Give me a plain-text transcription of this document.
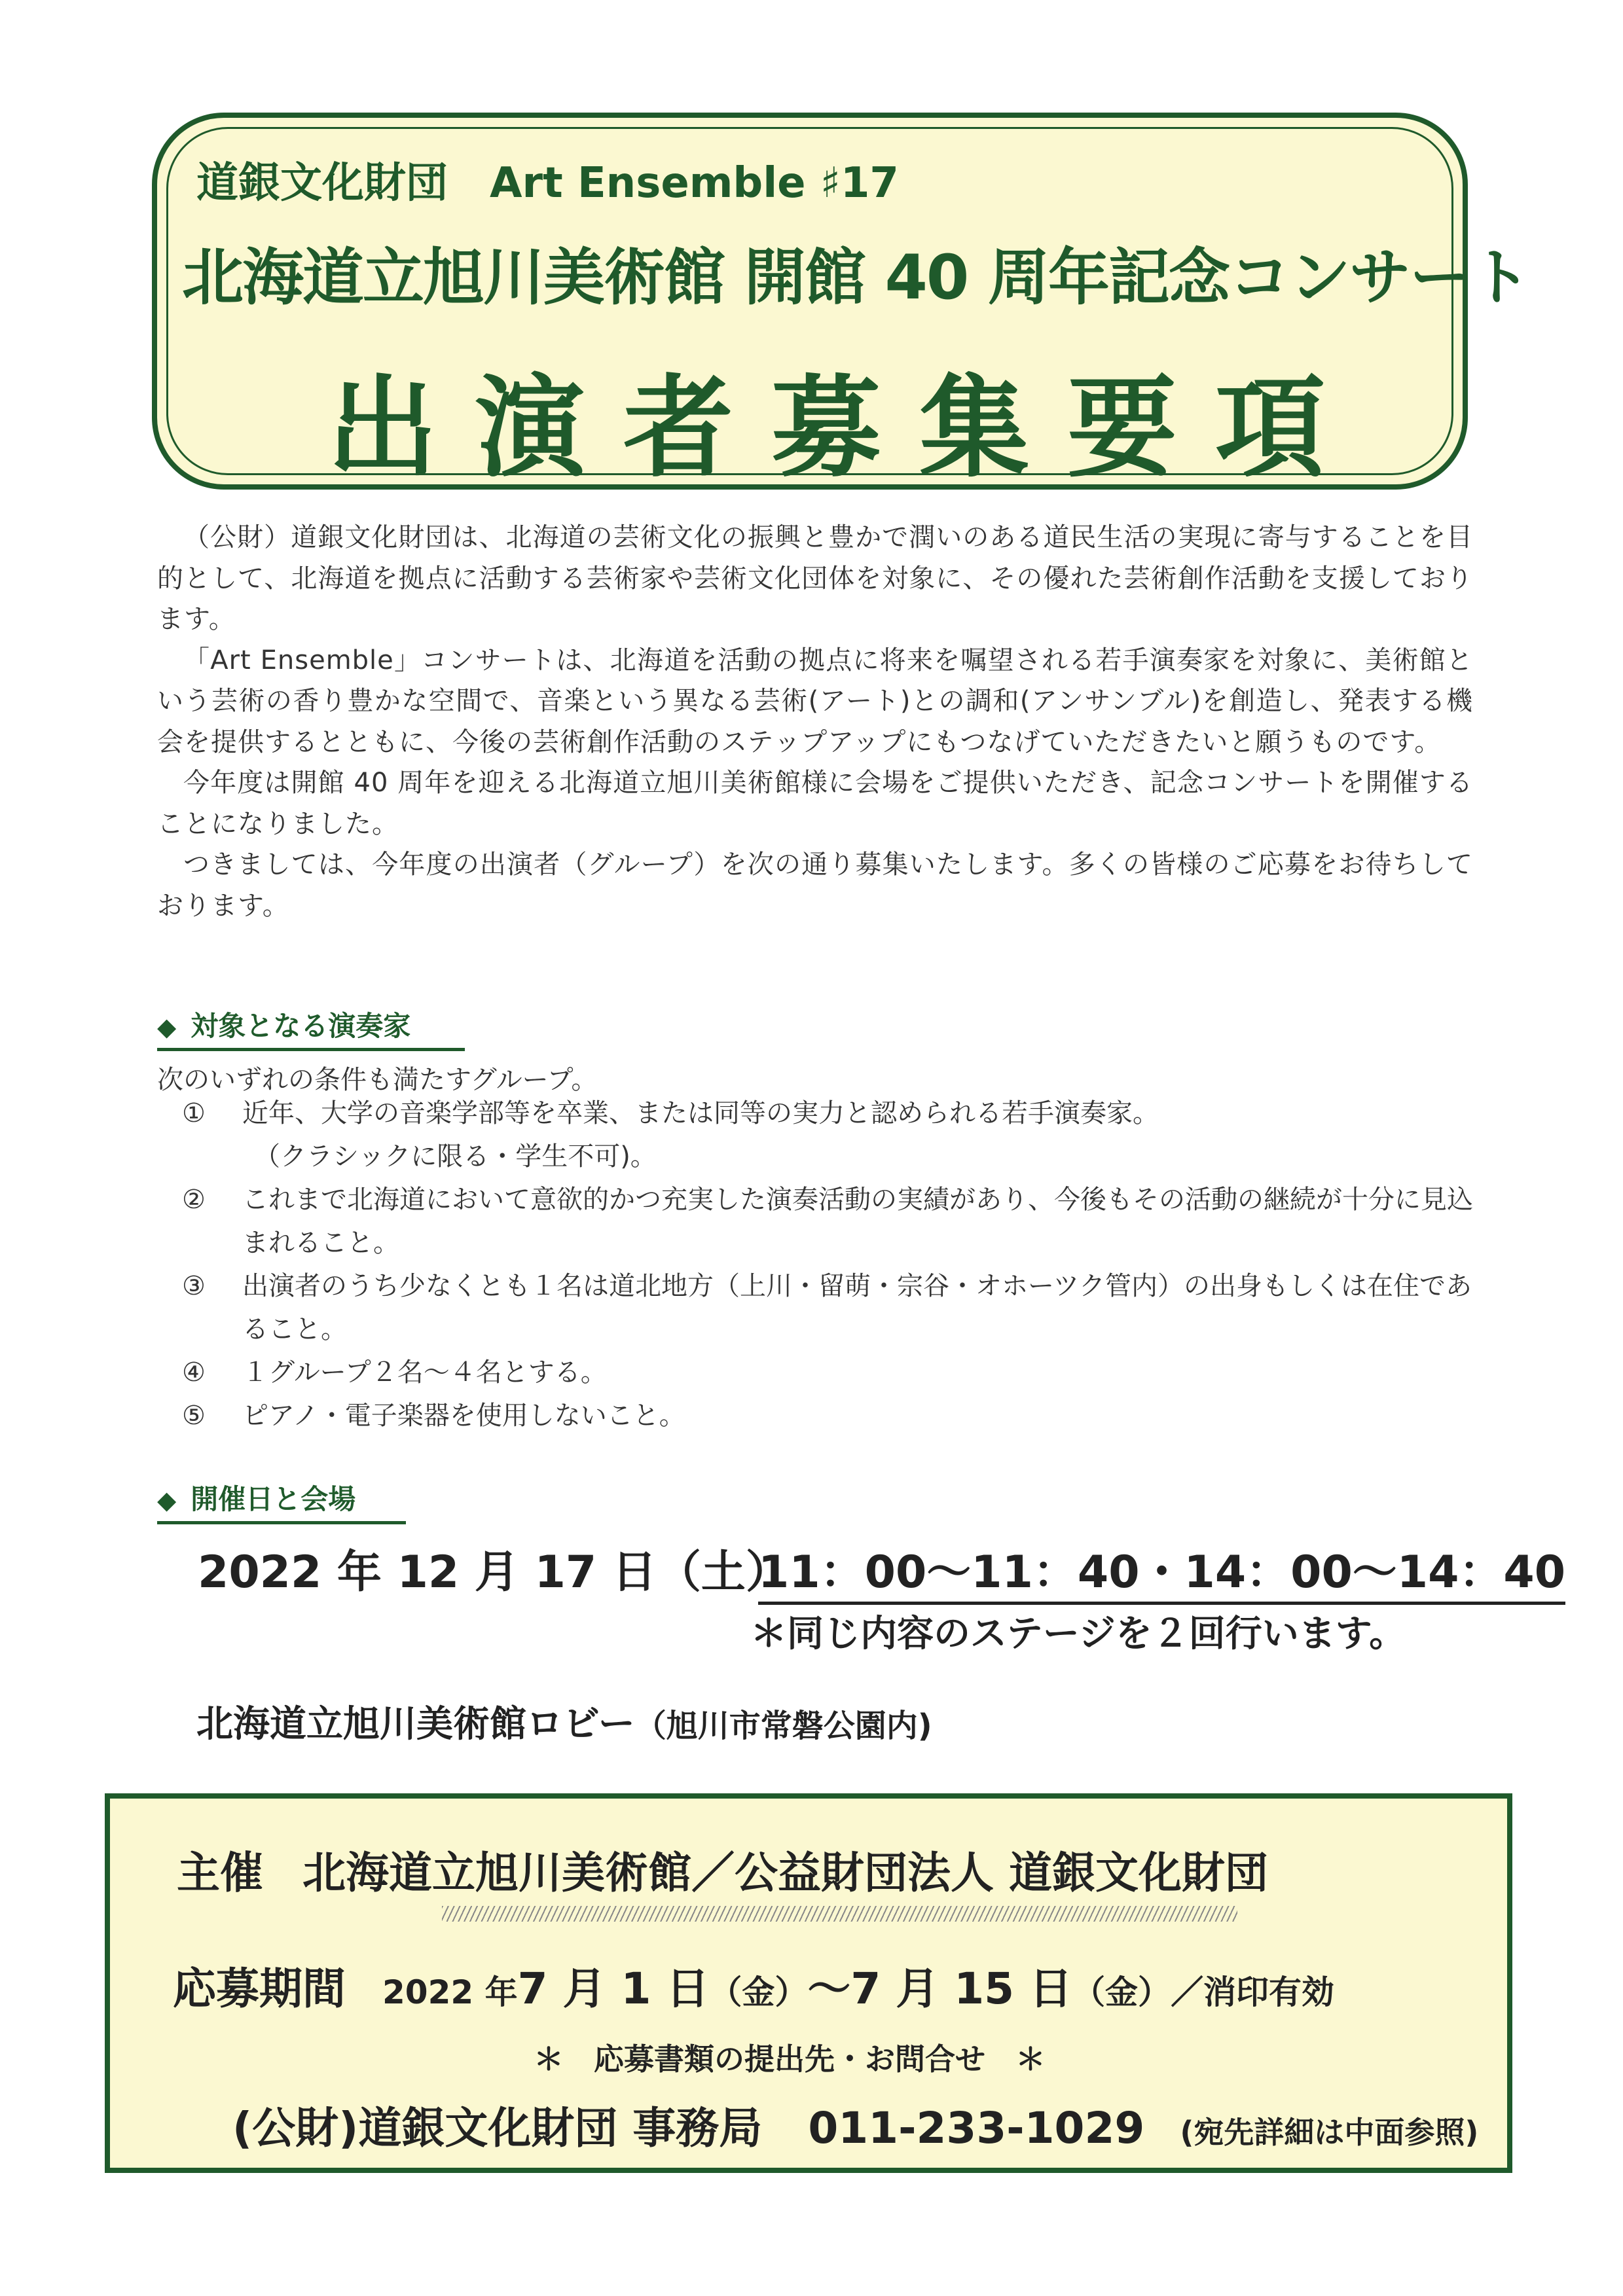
道銀文化財団　Art Ensemble ♯17
北海道立旭川美術館 開館 40 周年記念コンサート
出演者募集要項

（公財）道銀文化財団は、北海道の芸術文化の振興と豊かで潤いのある道民生活の実現に寄与することを目的として、北海道を拠点に活動する芸術家や芸術文化団体を対象に、その優れた芸術創作活動を支援しております。

「Art Ensemble」コンサートは、北海道を活動の拠点に将来を嘱望される若手演奏家を対象に、美術館という芸術の香り豊かな空間で、音楽という異なる芸術(アート)との調和(アンサンブル)を創造し、発表する機会を提供するとともに、今後の芸術創作活動のステップアップにもつなげていただきたいと願うものです。

今年度は開館 40 周年を迎える北海道立旭川美術館様に会場をご提供いただき、記念コンサートを開催することになりました。

つきましては、今年度の出演者（グループ）を次の通り募集いたします。多くの皆様のご応募をお待ちしております。

◆ 対象となる演奏家
次のいずれの条件も満たすグループ。
①	近年、大学の音楽学部等を卒業、または同等の実力と認められる若手演奏家。
（クラシックに限る・学生不可)。
②	これまで北海道において意欲的かつ充実した演奏活動の実績があり、今後もその活動の継続が十分に見込まれること。
③	出演者のうち少なくとも１名は道北地方（上川・留萌・宗谷・オホーツク管内）の出身もしくは在住であること。
④	１グループ２名～４名とする。
⑤	ピアノ・電子楽器を使用しないこと。
◆ 開催日と会場
2022 年 12 月 17 日（土）
11：00～11：40・14：00～14：40
＊同じ内容のステージを２回行います。
北海道立旭川美術館ロビー（旭川市常磐公園内)
主催 北海道立旭川美術館／公益財団法人 道銀文化財団
応募期間 2022 年7 月 1 日（金）～7 月 15 日（金）／消印有効
＊　応募書類の提出先・お問合せ　＊
(公財)道銀文化財団 事務局 011-233-1029 (宛先詳細は中面参照)
